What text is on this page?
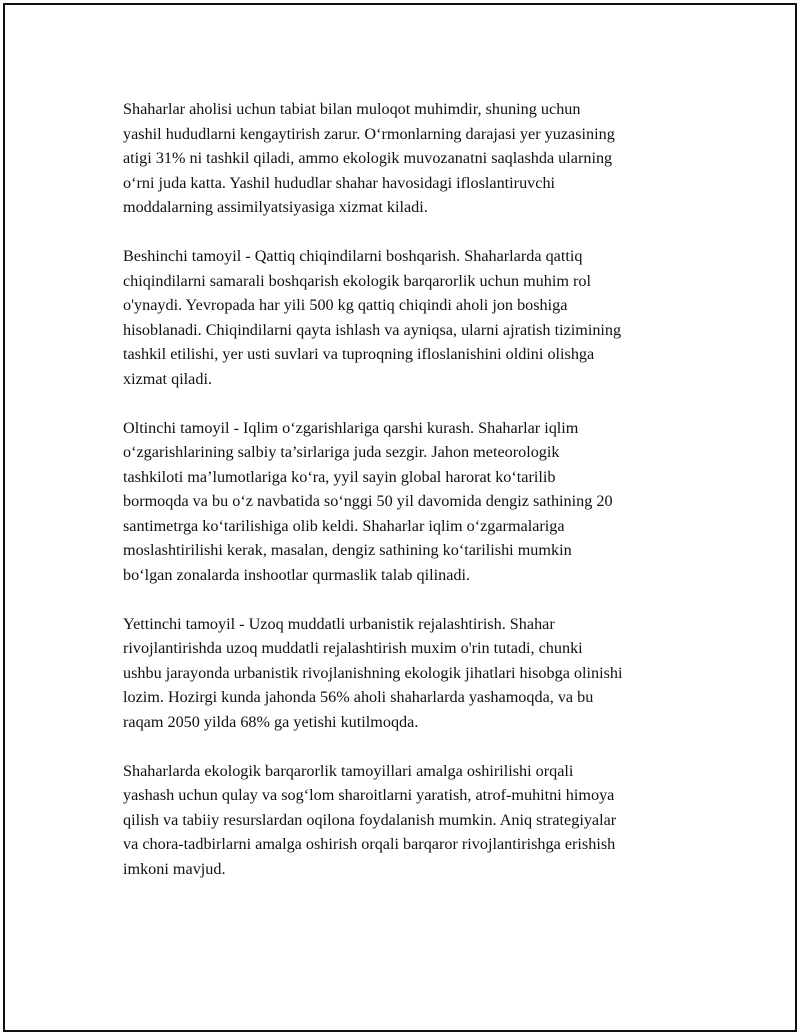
Shaharlar aholisi uchun tabiat bilan muloqot muhimdir, shuning uchun
yashil hududlarni kengaytirish zarur. O‘rmonlarning darajasi yer yuzasining
atigi 31% ni tashkil qiladi, ammo ekologik muvozanatni saqlashda ularning
o‘rni juda katta. Yashil hududlar shahar havosidagi ifloslantiruvchi
moddalarning assimilyatsiyasiga xizmat kiladi.

Beshinchi tamoyil - Qattiq chiqindilarni boshqarish. Shaharlarda qattiq
chiqindilarni samarali boshqarish ekologik barqarorlik uchun muhim rol
o'ynaydi. Yevropada har yili 500 kg qattiq chiqindi aholi jon boshiga
hisoblanadi. Chiqindilarni qayta ishlash va ayniqsa, ularni ajratish tizimining
tashkil etilishi, yer usti suvlari va tuproqning ifloslanishini oldini olishga
xizmat qiladi.

Oltinchi tamoyil - Iqlim o‘zgarishlariga qarshi kurash. Shaharlar iqlim
o‘zgarishlarining salbiy ta’sirlariga juda sezgir. Jahon meteorologik
tashkiloti ma’lumotlariga ko‘ra, yyil sayin global harorat ko‘tarilib
bormoqda va bu o‘z navbatida so‘nggi 50 yil davomida dengiz sathining 20
santimetrga ko‘tarilishiga olib keldi. Shaharlar iqlim o‘zgarmalariga
moslashtirilishi kerak, masalan, dengiz sathining ko‘tarilishi mumkin
bo‘lgan zonalarda inshootlar qurmaslik talab qilinadi.

Yettinchi tamoyil - Uzoq muddatli urbanistik rejalashtirish. Shahar
rivojlantirishda uzoq muddatli rejalashtirish muxim o'rin tutadi, chunki
ushbu jarayonda urbanistik rivojlanishning ekologik jihatlari hisobga olinishi
lozim. Hozirgi kunda jahonda 56% aholi shaharlarda yashamoqda, va bu
raqam 2050 yilda 68% ga yetishi kutilmoqda.

Shaharlarda ekologik barqarorlik tamoyillari amalga oshirilishi orqali
yashash uchun qulay va sog‘lom sharoitlarni yaratish, atrof-muhitni himoya
qilish va tabiiy resurslardan oqilona foydalanish mumkin. Aniq strategiyalar
va chora-tadbirlarni amalga oshirish orqali barqaror rivojlantirishga erishish
imkoni mavjud.
